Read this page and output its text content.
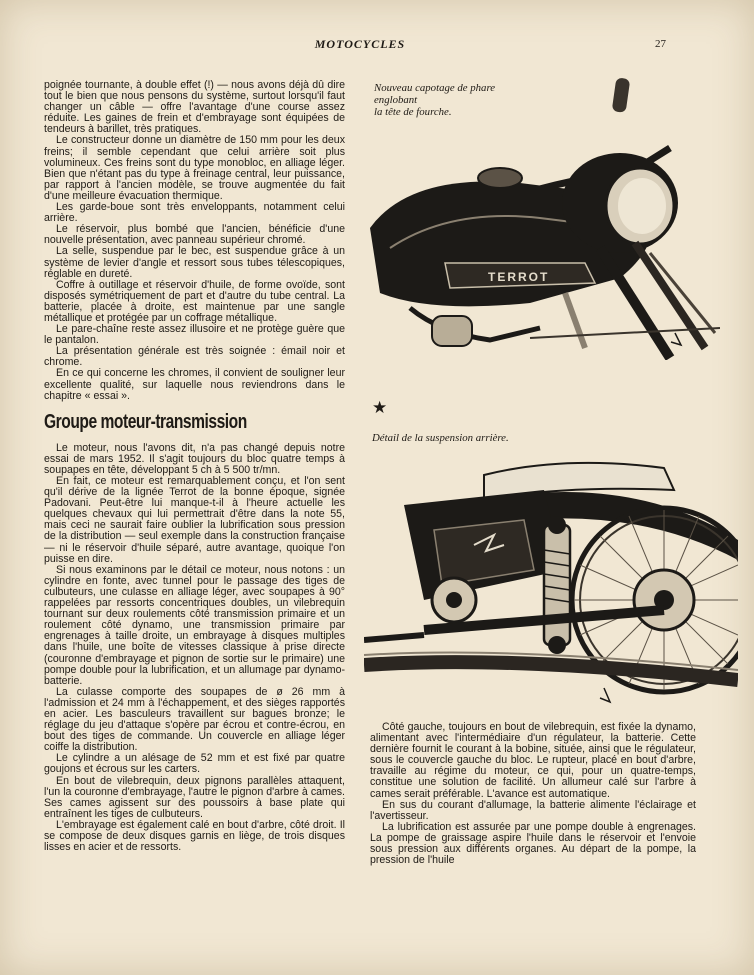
MOTOCYCLES	27

poignée tournante, à double effet (!) — nous avons déjà dû dire tout le bien que nous pensons du système, surtout lorsqu'il faut changer un câble — offre l'avantage d'une course assez réduite. Les gaines de frein et d'embrayage sont équipées de tendeurs à barillet, très pratiques.

Le constructeur donne un diamètre de 150 mm pour les deux freins; il semble cependant que celui arrière soit plus volumineux. Ces freins sont du type monobloc, en alliage léger. Bien que n'étant pas du type à freinage central, leur puissance, par rapport à l'ancien modèle, se trouve augmentée du fait d'une meilleure évacuation thermique.

Les garde-boue sont très enveloppants, notamment celui arrière.

Le réservoir, plus bombé que l'ancien, bénéficie d'une nouvelle présentation, avec panneau supérieur chromé.

La selle, suspendue par le bec, est suspendue grâce à un système de levier d'angle et ressort sous tubes télescopiques, réglable en dureté.

Coffre à outillage et réservoir d'huile, de forme ovoïde, sont disposés symétriquement de part et d'autre du tube central. La batterie, placée à droite, est maintenue par une sangle métallique et protégée par un coffrage métallique.

Le pare-chaîne reste assez illusoire et ne protège guère que le pantalon.

La présentation générale est très soignée : émail noir et chrome.

En ce qui concerne les chromes, il convient de souligner leur excellente qualité, sur laquelle nous reviendrons dans le chapitre « essai ».

Groupe moteur-transmission

Le moteur, nous l'avons dit, n'a pas changé depuis notre essai de mars 1952. Il s'agit toujours du bloc quatre temps à soupapes en tête, développant 5 ch à 5 500 tr/mn.

En fait, ce moteur est remarquablement conçu, et l'on sent qu'il dérive de la lignée Terrot de la bonne époque, signée Padovani. Peut-être lui manque-t-il à l'heure actuelle les quelques chevaux qui lui permettrait d'être dans la note 55, mais ceci ne saurait faire oublier la lubrification sous pression de la distribution — seul exemple dans la construction française — ni le réservoir d'huile séparé, autre avantage, quoique l'on puisse en dire.

Si nous examinons par le détail ce moteur, nous notons : un cylindre en fonte, avec tunnel pour le passage des tiges de culbuteurs, une culasse en alliage léger, avec soupapes à 90° rappelées par ressorts concentriques doubles, un vilebrequin tournant sur deux roulements côté transmission primaire et un roulement côté dynamo, une transmission primaire par engrenages à taille droite, un embrayage à disques multiples dans l'huile, une boîte de vitesses classique à prise directe (couronne d'embrayage et pignon de sortie sur le primaire) une pompe double pour la lubrification, et un allumage par dynamo-batterie.

La culasse comporte des soupapes de ø 26 mm à l'admission et 24 mm à l'échappement, et des sièges rapportés en acier. Les basculeurs travaillent sur bagues bronze; le réglage du jeu d'attaque s'opère par écrou et contre-écrou, en bout des tiges de commande. Un couvercle en alliage léger coiffe la distribution.

Le cylindre a un alésage de 52 mm et est fixé par quatre goujons et écrous sur les carters.

En bout de vilebrequin, deux pignons parallèles attaquent, l'un la couronne d'embrayage, l'autre le pignon d'arbre à cames. Ses cames agissent sur des poussoirs à base plate qui entraînent les tiges de culbuteurs.

L'embrayage est également calé en bout d'arbre, côté droit. Il se compose de deux disques garnis en liège, de trois disques lisses en acier et de ressorts.

TERROT
Nouveau capotage de phare
englobant
la tête de fourche.
★
Détail de la suspension arrière.

Côté gauche, toujours en bout de vilebrequin, est fixée la dynamo, alimentant avec l'intermédiaire d'un régulateur, la batterie. Cette dernière fournit le courant à la bobine, située, ainsi que le régulateur, sous le couvercle gauche du bloc. Le rupteur, placé en bout d'arbre, travaille au régime du moteur, ce qui, pour un quatre-temps, constitue une solution de facilité. Un allumeur calé sur l'arbre à cames serait préférable. L'avance est automatique.

En sus du courant d'allumage, la batterie alimente l'éclairage et l'avertisseur.

La lubrification est assurée par une pompe double à engrenages. La pompe de graissage aspire l'huile dans le réservoir et l'envoie sous pression aux différents organes. Au départ de la pompe, la pression de l'huile
